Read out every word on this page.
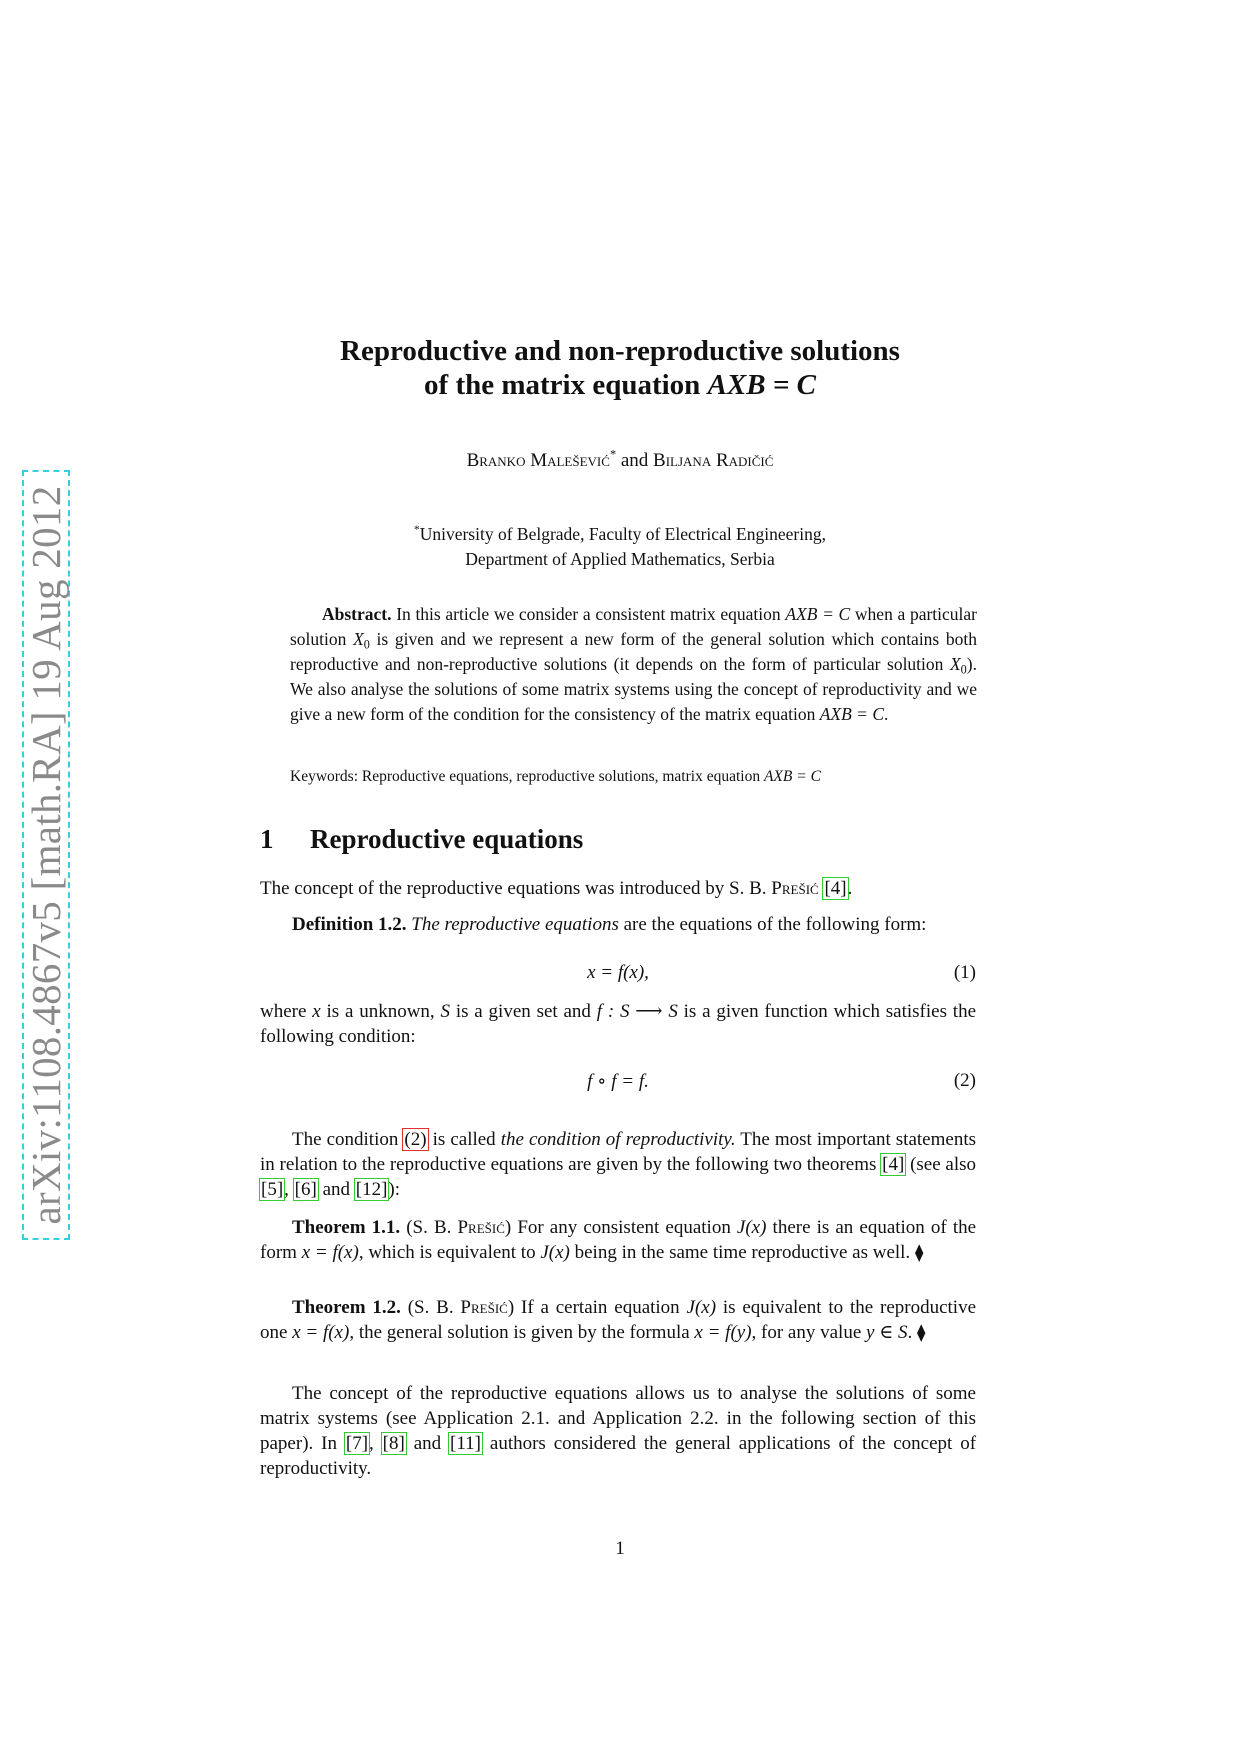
arXiv:1108.4867v5 [math.RA] 19 Aug 2012
Reproductive and non-reproductive solutions
of the matrix equation AXB = C
Branko Malešević* and Biljana Radičić
*University of Belgrade, Faculty of Electrical Engineering,
Department of Applied Mathematics, Serbia
Abstract. In this article we consider a consistent matrix equation AXB = C when a particular solution $X_0$ is given and we represent a new form of the general solution which contains both reproductive and non-reproductive solutions (it depends on the form of particular solution $X_0$). We also analyse the solutions of some matrix systems using the concept of reproductivity and we give a new form of the condition for the consistency of the matrix equation AXB = C.
Keywords: Reproductive equations, reproductive solutions, matrix equation AXB = C
1 Reproductive equations
The concept of the reproductive equations was introduced by S. B. Prešić [4].
Definition 1.2. The reproductive equations are the equations of the following form:
x = f(x),	(1)
where x is a unknown, S is a given set and f : S ⟶ S is a given function which satisfies the following condition:
f ∘ f = f.	(2)
The condition (2) is called the condition of reproductivity. The most important statements in relation to the reproductive equations are given by the following two theorems [4] (see also [5], [6] and [12]):
Theorem 1.1. (S. B. Prešić) For any consistent equation J(x) there is an equation of the form x = f(x), which is equivalent to J(x) being in the same time reproductive as well. ⧫
Theorem 1.2. (S. B. Prešić) If a certain equation J(x) is equivalent to the reproductive one x = f(x), the general solution is given by the formula x = f(y), for any value y ∈ S. ⧫
The concept of the reproductive equations allows us to analyse the solutions of some matrix systems (see Application 2.1. and Application 2.2. in the following section of this paper). In [7], [8] and [11] authors considered the general applications of the concept of reproductivity.
1
